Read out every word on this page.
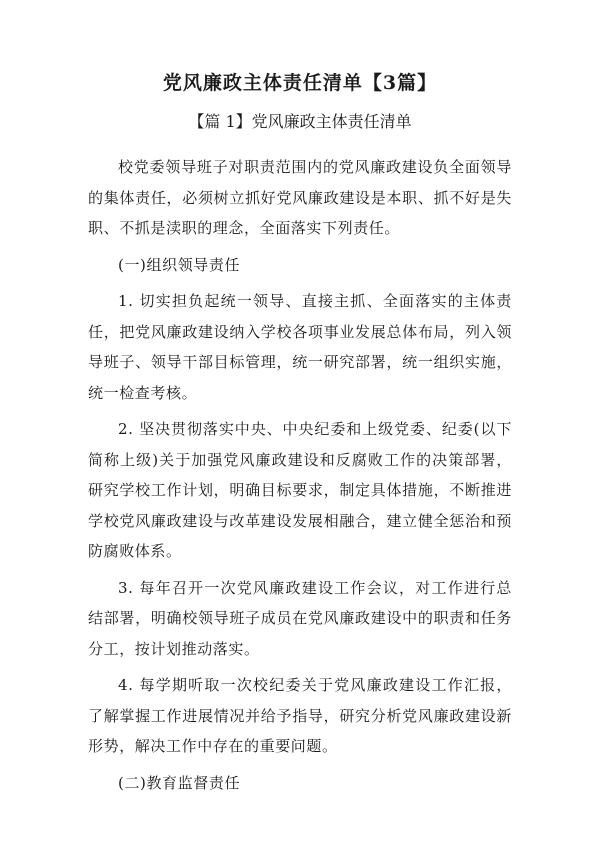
党风廉政主体责任清单【3篇】
【篇 1】党风廉政主体责任清单

校党委领导班子对职责范围内的党风廉政建设负全面领导的集体责任，必须树立抓好党风廉政建设是本职、抓不好是失职、不抓是渎职的理念，全面落实下列责任。

(一)组织领导责任

1. 切实担负起统一领导、直接主抓、全面落实的主体责任，把党风廉政建设纳入学校各项事业发展总体布局，列入领导班子、领导干部目标管理，统一研究部署，统一组织实施，统一检查考核。

2. 坚决贯彻落实中央、中央纪委和上级党委、纪委(以下简称上级)关于加强党风廉政建设和反腐败工作的决策部署，研究学校工作计划，明确目标要求，制定具体措施，不断推进学校党风廉政建设与改革建设发展相融合，建立健全惩治和预防腐败体系。

3. 每年召开一次党风廉政建设工作会议，对工作进行总结部署，明确校领导班子成员在党风廉政建设中的职责和任务分工，按计划推动落实。

4. 每学期听取一次校纪委关于党风廉政建设工作汇报，了解掌握工作进展情况并给予指导，研究分析党风廉政建设新形势，解决工作中存在的重要问题。

(二)教育监督责任
